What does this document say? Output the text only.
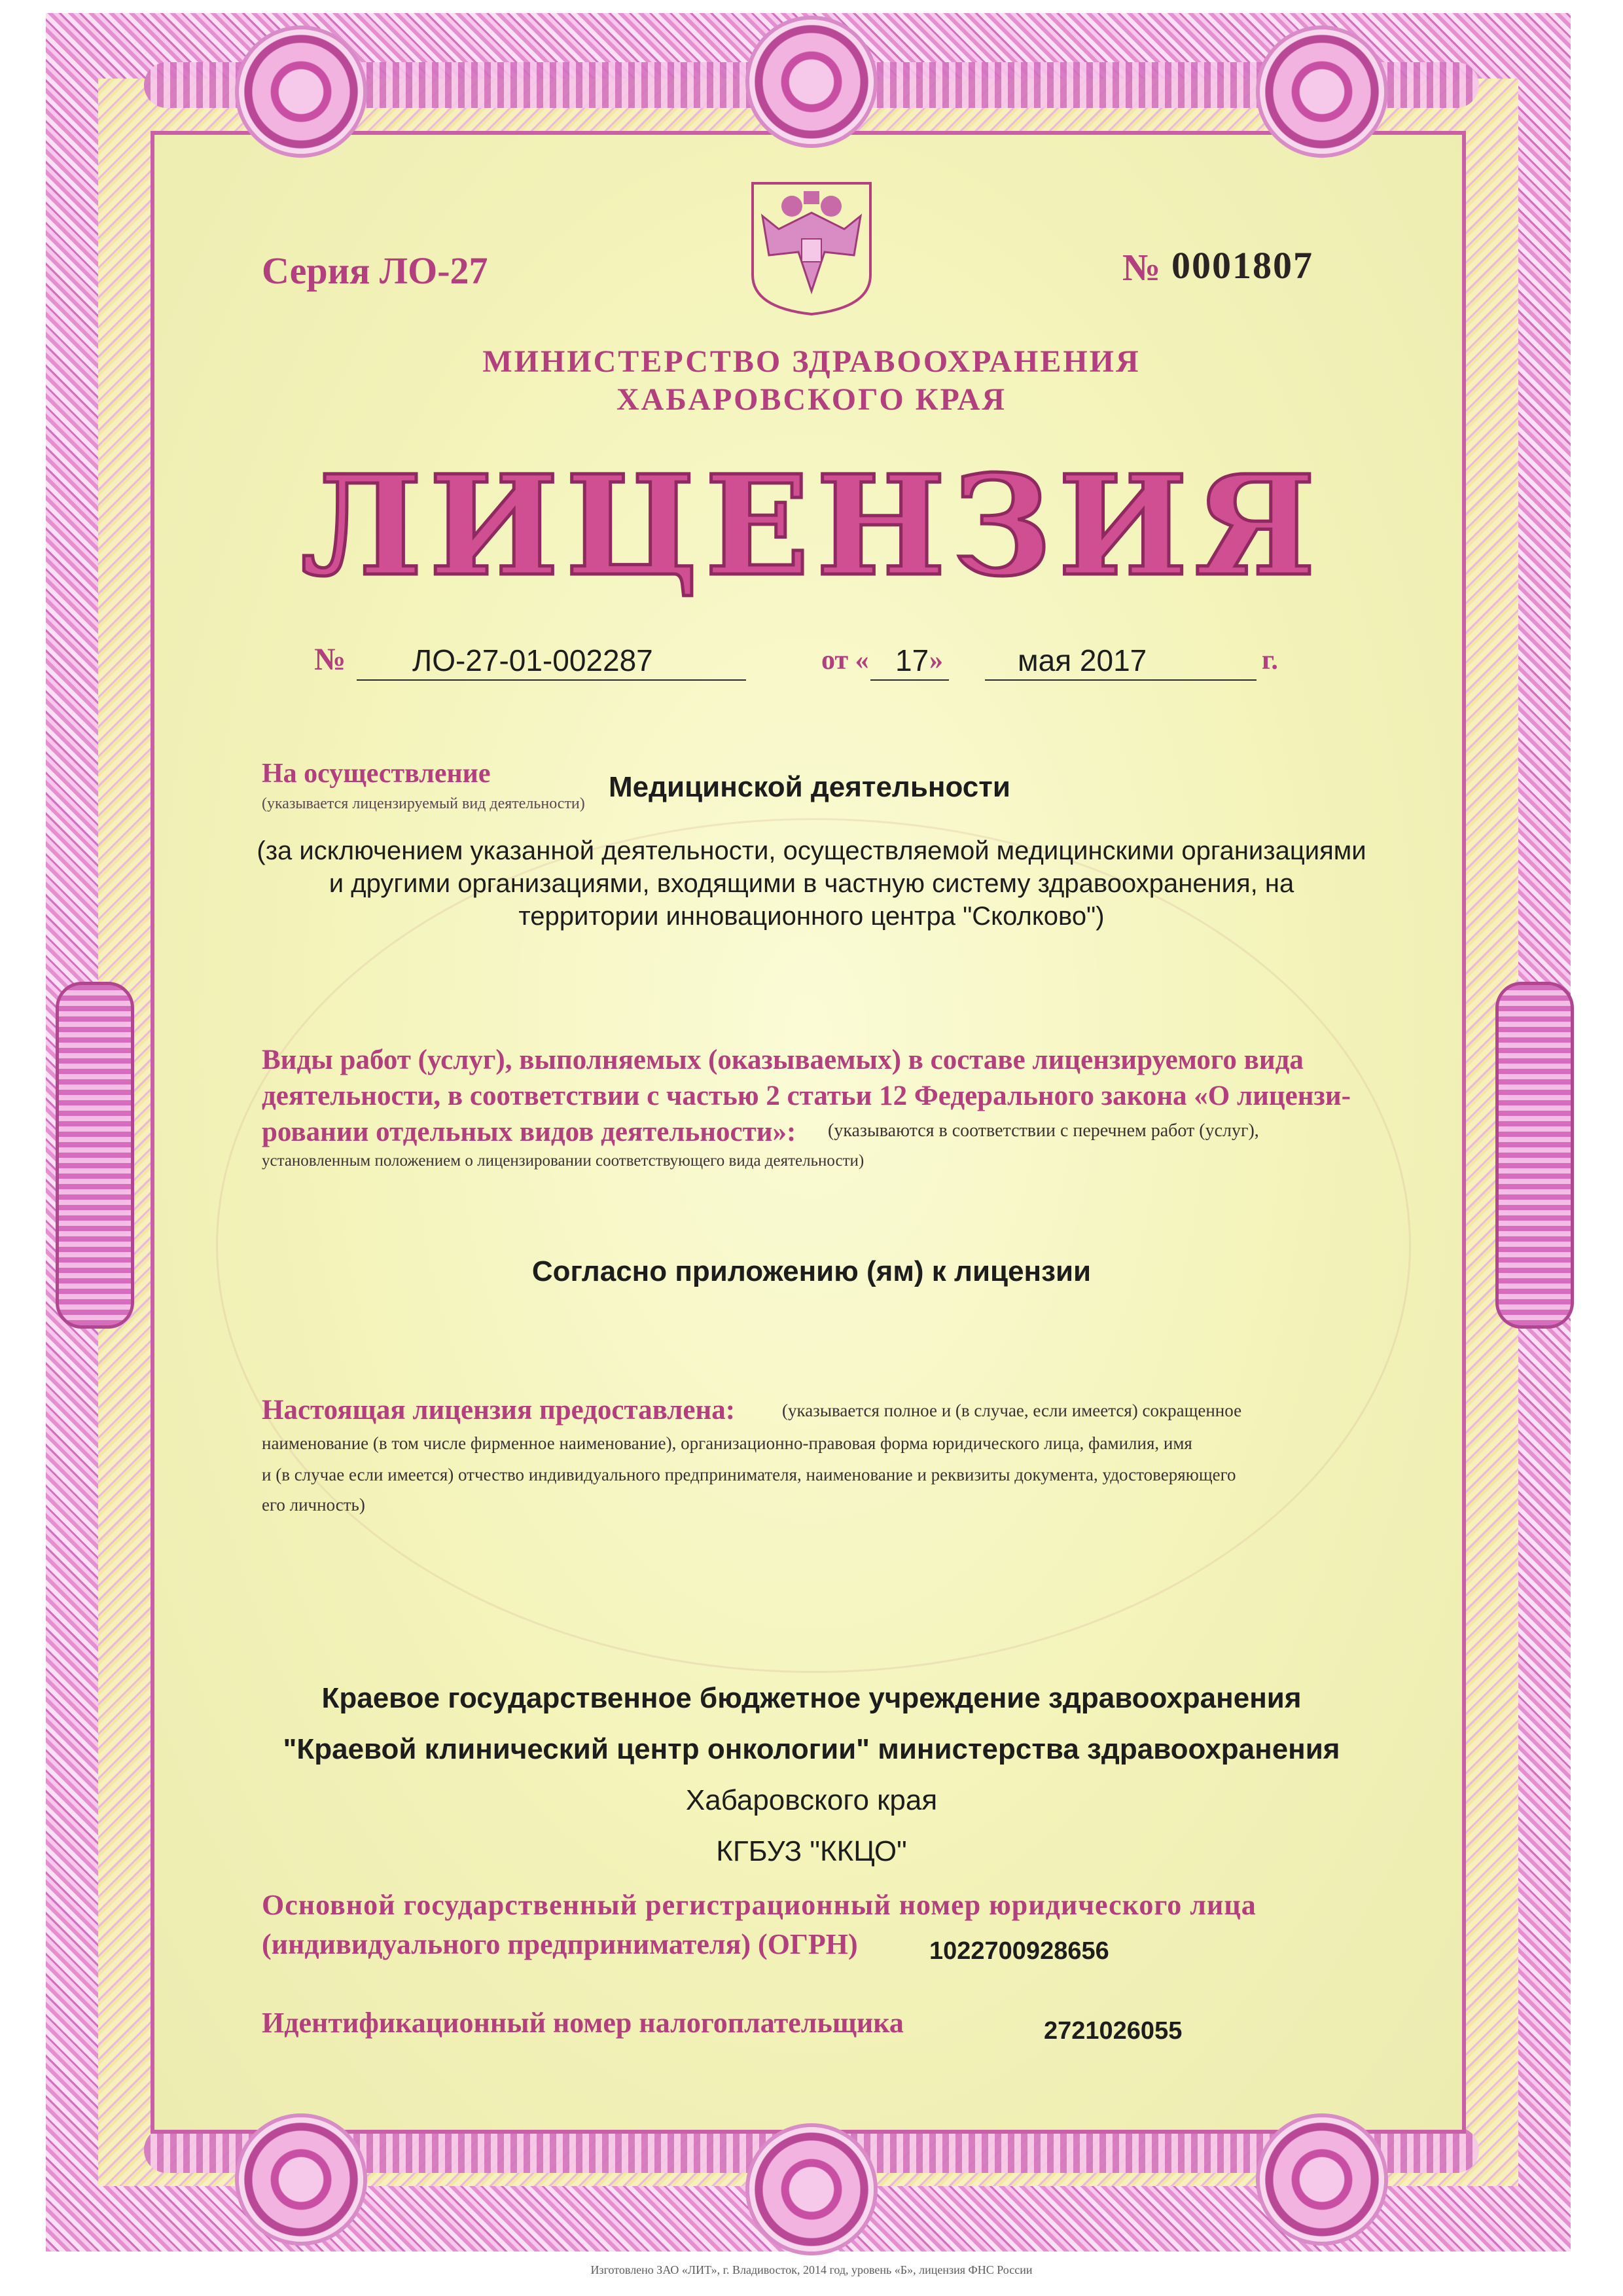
Серия ЛО-27	№ 0001807

МИНИСТЕРСТВО ЗДРАВООХРАНЕНИЯ

ХАБАРОВСКОГО КРАЯ

ЛИЦЕНЗИЯ

№ ЛО-27-01-002287	от « 17 » мая 2017	г.

На осуществление

(указывается лицензируемый вид деятельности)

Медицинской деятельности

(за исключением указанной деятельности, осуществляемой медицинскими организациями

и другими организациями, входящими в частную систему здравоохранения, на

территории инновационного центра "Сколково")

Виды работ (услуг), выполняемых (оказываемых) в составе лицензируемого вида

деятельности, в соответствии с частью 2 статьи 12 Федерального закона «О лицензи-

ровании отдельных видов деятельности»: (указываются в соответствии с перечнем работ (услуг),

установленным положением о лицензировании соответствующего вида деятельности)

Согласно приложению (ям) к лицензии

Настоящая лицензия предоставлена:	(указывается полное и (в случае, если имеется) сокращенное

наименование (в том числе фирменное наименование), организационно-правовая форма юридического лица, фамилия, имя

и (в случае если имеется) отчество индивидуального предпринимателя, наименование и реквизиты документа, удостоверяющего

его личность)

Краевое государственное бюджетное учреждение здравоохранения

"Краевой клинический центр онкологии" министерства здравоохранения

Хабаровского края

КГБУЗ "ККЦО"

Основной государственный регистрационный номер юридического лица

(индивидуального предпринимателя) (ОГРН)	1022700928656

Идентификационный номер налогоплательщика	2721026055

Изготовлено ЗАО «ЛИТ», г. Владивосток, 2014 год, уровень «Б», лицензия ФНС России
